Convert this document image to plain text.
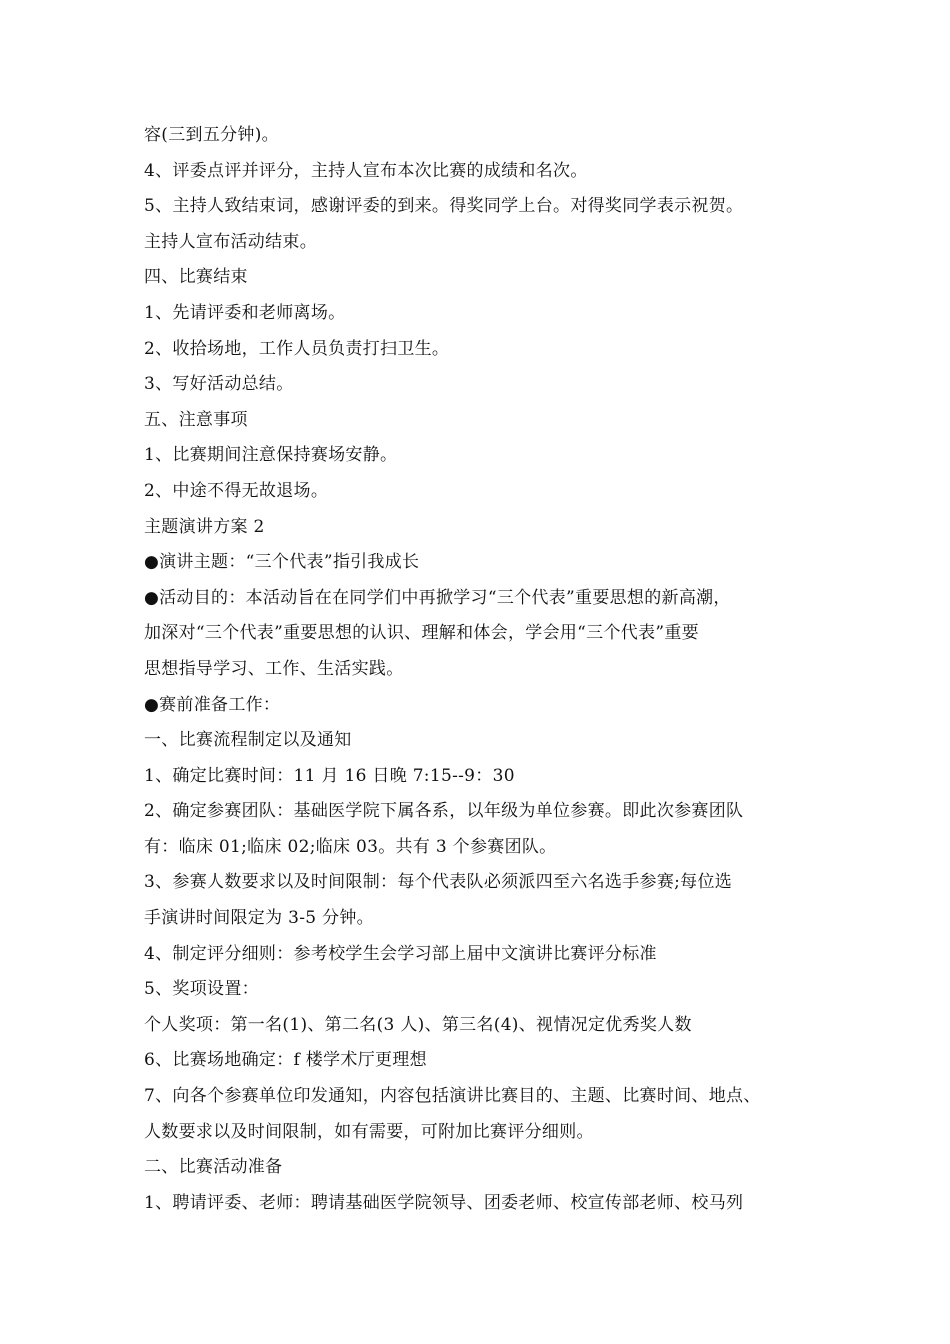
容(三到五分钟)。
4、评委点评并评分，主持人宣布本次比赛的成绩和名次。
5、主持人致结束词，感谢评委的到来。得奖同学上台。对得奖同学表示祝贺。
主持人宣布活动结束。
四、比赛结束
1、先请评委和老师离场。
2、收拾场地，工作人员负责打扫卫生。
3、写好活动总结。
五、注意事项
1、比赛期间注意保持赛场安静。
2、中途不得无故退场。
主题演讲方案 2
●演讲主题：“三个代表”指引我成长
●活动目的：本活动旨在在同学们中再掀学习“三个代表”重要思想的新高潮，
加深对“三个代表”重要思想的认识、理解和体会，学会用“三个代表”重要
思想指导学习、工作、生活实践。
●赛前准备工作：
一、比赛流程制定以及通知
1、确定比赛时间：11 月 16 日晚 7:15--9：30
2、确定参赛团队：基础医学院下属各系，以年级为单位参赛。即此次参赛团队
有：临床 01;临床 02;临床 03。共有 3 个参赛团队。
3、参赛人数要求以及时间限制：每个代表队必须派四至六名选手参赛;每位选
手演讲时间限定为 3-5 分钟。
4、制定评分细则：参考校学生会学习部上届中文演讲比赛评分标准
5、奖项设置：
个人奖项：第一名(1)、第二名(3 人)、第三名(4)、视情况定优秀奖人数
6、比赛场地确定：f 楼学术厅更理想
7、向各个参赛单位印发通知，内容包括演讲比赛目的、主题、比赛时间、地点、
人数要求以及时间限制，如有需要，可附加比赛评分细则。
二、比赛活动准备
1、聘请评委、老师：聘请基础医学院领导、团委老师、校宣传部老师、校马列
